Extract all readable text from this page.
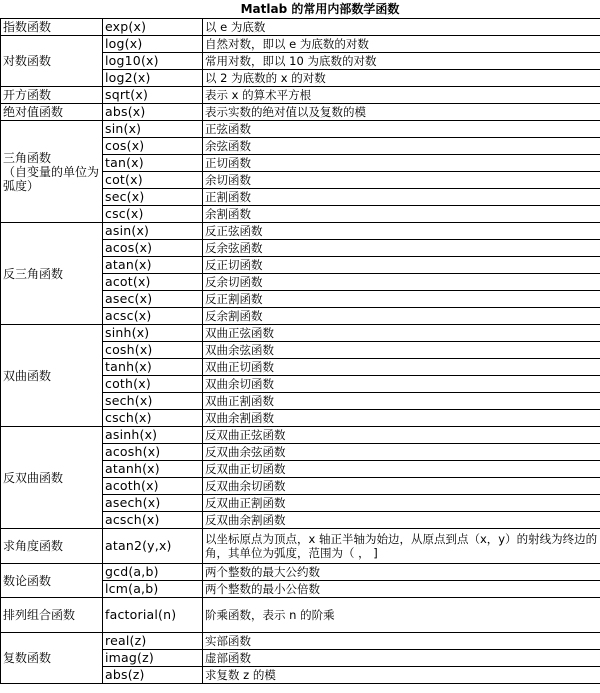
Matlab 的常用内部数学函数
指数函数	exp(x)	以 e 为底数
对数函数	log(x)	自然对数，即以 e 为底数的对数
	log10(x)	常用对数，即以 10 为底数的对数
	log2(x)	以 2 为底数的 x 的对数
开方函数	sqrt(x)	表示 x 的算术平方根
绝对值函数	abs(x)	表示实数的绝对值以及复数的模
三角函数
（自变量的单位为弧度）	sin(x)	正弦函数
	cos(x)	余弦函数
	tan(x)	正切函数
	cot(x)	余切函数
	sec(x)	正割函数
	csc(x)	余割函数
反三角函数	asin(x)	反正弦函数
	acos(x)	反余弦函数
	atan(x)	反正切函数
	acot(x)	反余切函数
	asec(x)	反正割函数
	acsc(x)	反余割函数
双曲函数	sinh(x)	双曲正弦函数
	cosh(x)	双曲余弦函数
	tanh(x)	双曲正切函数
	coth(x)	双曲余切函数
	sech(x)	双曲正割函数
	csch(x)	双曲余割函数
反双曲函数	asinh(x)	反双曲正弦函数
	acosh(x)	反双曲余弦函数
	atanh(x)	反双曲正切函数
	acoth(x)	反双曲余切函数
	asech(x)	反双曲正割函数
	acsch(x)	反双曲余割函数
求角度函数	atan2(y,x)	以坐标原点为顶点，x 轴正半轴为始边，从原点到点（x，y）的射线为终边的角，其单位为弧度，范围为（ ， ]
数论函数	gcd(a,b)	两个整数的最大公约数
	lcm(a,b)	两个整数的最小公倍数
排列组合函数	factorial(n)	阶乘函数，表示 n 的阶乘
复数函数	real(z)	实部函数
	imag(z)	虚部函数
	abs(z)	求复数 z 的模
